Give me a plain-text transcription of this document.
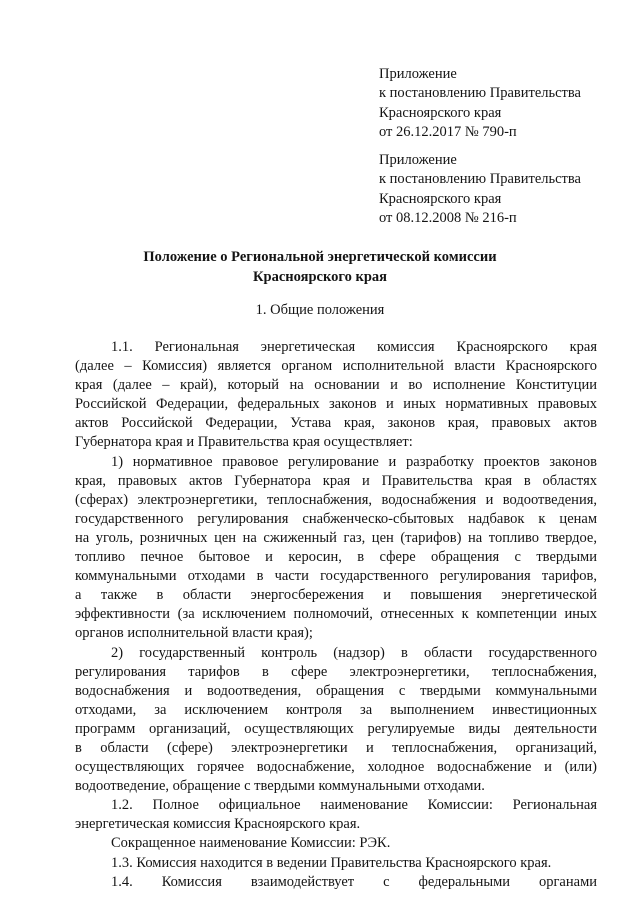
Приложение
к постановлению Правительства
Красноярского края
от 26.12.2017 № 790-п
Приложение
к постановлению Правительства
Красноярского края
от 08.12.2008 № 216-п
Положение о Региональной энергетической комиссии
Красноярского края
1. Общие положения
1.1. Региональная энергетическая комиссия Красноярского края
(далее – Комиссия) является органом исполнительной власти Красноярского
края (далее – край), который на основании и во исполнение Конституции
Российской Федерации, федеральных законов и иных нормативных правовых
актов Российской Федерации, Устава края, законов края, правовых актов
Губернатора края и Правительства края осуществляет:
1) нормативное правовое регулирование и разработку проектов законов
края, правовых актов Губернатора края и Правительства края в областях
(сферах) электроэнергетики, теплоснабжения, водоснабжения и водоотведения,
государственного регулирования снабженческо-сбытовых надбавок к ценам
на уголь, розничных цен на сжиженный газ, цен (тарифов) на топливо твердое,
топливо печное бытовое и керосин, в сфере обращения с твердыми
коммунальными отходами в части государственного регулирования тарифов,
а также в области энергосбережения и повышения энергетической
эффективности (за исключением полномочий, отнесенных к компетенции иных
органов исполнительной власти края);
2) государственный контроль (надзор) в области государственного
регулирования тарифов в сфере электроэнергетики, теплоснабжения,
водоснабжения и водоотведения, обращения с твердыми коммунальными
отходами, за исключением контроля за выполнением инвестиционных
программ организаций, осуществляющих регулируемые виды деятельности
в области (сфере) электроэнергетики и теплоснабжения, организаций,
осуществляющих горячее водоснабжение, холодное водоснабжение и (или)
водоотведение, обращение с твердыми коммунальными отходами.
1.2. Полное официальное наименование Комиссии: Региональная
энергетическая комиссия Красноярского края.
Сокращенное наименование Комиссии: РЭК.
1.3. Комиссия находится в ведении Правительства Красноярского края.
1.4. Комиссия взаимодействует с федеральными органами
